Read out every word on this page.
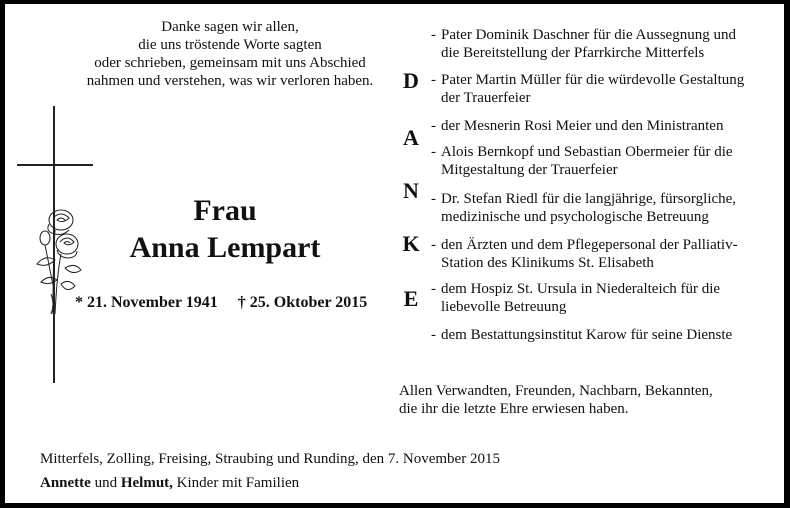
Danke sagen wir allen,
die uns tröstende Worte sagten
oder schrieben, gemeinsam mit uns Abschied
nahmen und verstehen, was wir verloren haben.
Frau
Anna Lempart
* 21. November 1941 † 25. Oktober 2015
D
A
N
K
E
- Pater Dominik Daschner für die Aussegnung und
die Bereitstellung der Pfarrkirche Mitterfels
- Pater Martin Müller für die würdevolle Gestaltung
der Trauerfeier
- der Mesnerin Rosi Meier und den Ministranten
- Alois Bernkopf und Sebastian Obermeier für die
Mitgestaltung der Trauerfeier
- Dr. Stefan Riedl für die langjährige, fürsorgliche,
medizinische und psychologische Betreuung
- den Ärzten und dem Pflegepersonal der Palliativ-
Station des Klinikums St. Elisabeth
- dem Hospiz St. Ursula in Niederalteich für die
liebevolle Betreuung
- dem Bestattungsinstitut Karow für seine Dienste
Allen Verwandten, Freunden, Nachbarn, Bekannten,
die ihr die letzte Ehre erwiesen haben.
Mitterfels, Zolling, Freising, Straubing und Runding, den 7. November 2015
Annette und Helmut, Kinder mit Familien
